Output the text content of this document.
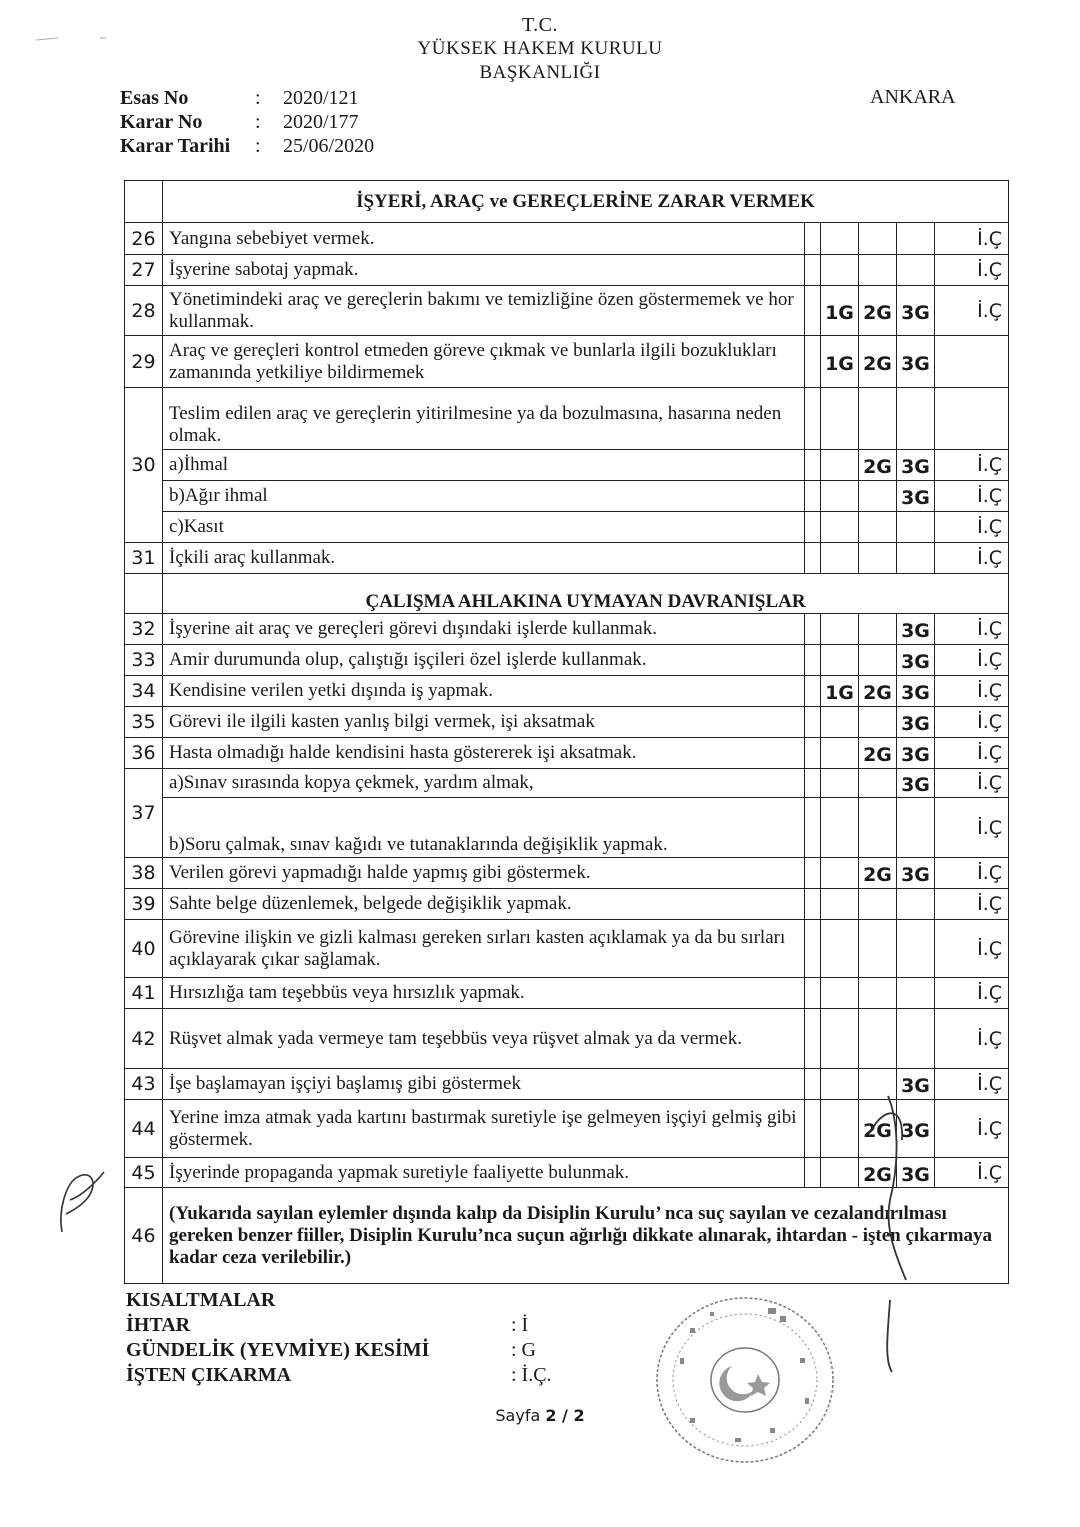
T.C.
YÜKSEK HAKEM KURULU
BAŞKANLIĞI
Esas No	:	2020/121
Karar No	:	2020/177
Karar Tarihi	:	25/06/2020
ANKARA
	İŞYERİ, ARAÇ ve GEREÇLERİNE ZARAR VERMEK					
26	Yangına sebebiyet vermek.					İ.Ç
27	İşyerine sabotaj yapmak.					İ.Ç
28	Yönetimindeki araç ve gereçlerin bakımı ve temizliğine özen göstermemek ve hor kullanmak.		1G	2G	3G	İ.Ç
29	Araç ve gereçleri kontrol etmeden göreve çıkmak ve bunlarla ilgili bozuklukları zamanında yetkiliye bildirmemek		1G	2G	3G	
30	Teslim edilen araç ve gereçlerin yitirilmesine ya da bozulmasına, hasarına neden olmak.					
	a)İhmal			2G	3G	İ.Ç
	b)Ağır ihmal				3G	İ.Ç
	c)Kasıt					İ.Ç
31	İçkili araç kullanmak.					İ.Ç
	ÇALIŞMA AHLAKINA UYMAYAN DAVRANIŞLAR					
32	İşyerine ait araç ve gereçleri görevi dışındaki işlerde kullanmak.				3G	İ.Ç
33	Amir durumunda olup, çalıştığı işçileri özel işlerde kullanmak.				3G	İ.Ç
34	Kendisine verilen yetki dışında iş yapmak.		1G	2G	3G	İ.Ç
35	Görevi ile ilgili kasten yanlış bilgi vermek, işi aksatmak				3G	İ.Ç
36	Hasta olmadığı halde kendisini hasta göstererek işi aksatmak.			2G	3G	İ.Ç
37	a)Sınav sırasında kopya çekmek, yardım almak,				3G	İ.Ç
	b)Soru çalmak, sınav kağıdı ve tutanaklarında değişiklik yapmak.					İ.Ç
38	Verilen görevi yapmadığı halde yapmış gibi göstermek.			2G	3G	İ.Ç
39	Sahte belge düzenlemek, belgede değişiklik yapmak.					İ.Ç
40	Görevine ilişkin ve gizli kalması gereken sırları kasten açıklamak ya da bu sırları açıklayarak çıkar sağlamak.					İ.Ç
41	Hırsızlığa tam teşebbüs veya hırsızlık yapmak.					İ.Ç
42	Rüşvet almak yada vermeye tam teşebbüs veya rüşvet almak ya da vermek.					İ.Ç
43	İşe başlamayan işçiyi başlamış gibi göstermek				3G	İ.Ç
44	Yerine imza atmak yada kartını bastırmak suretiyle işe gelmeyen işçiyi gelmiş gibi göstermek.			2G	3G	İ.Ç
45	İşyerinde propaganda yapmak suretiyle faaliyette bulunmak.			2G	3G	İ.Ç
46	(Yukarıda sayılan eylemler dışında kalıp da Disiplin Kurulu’ nca suç sayılan ve cezalandırılması gereken benzer fiiller, Disiplin Kurulu’nca suçun ağırlığı dikkate alınarak, ihtardan - işten çıkarmaya kadar ceza verilebilir.)					
KISALTMALAR
İHTAR	: İ
GÜNDELİK (YEVMİYE) KESİMİ	: G
İŞTEN ÇIKARMA	: İ.Ç.
Sayfa 2 / 2
